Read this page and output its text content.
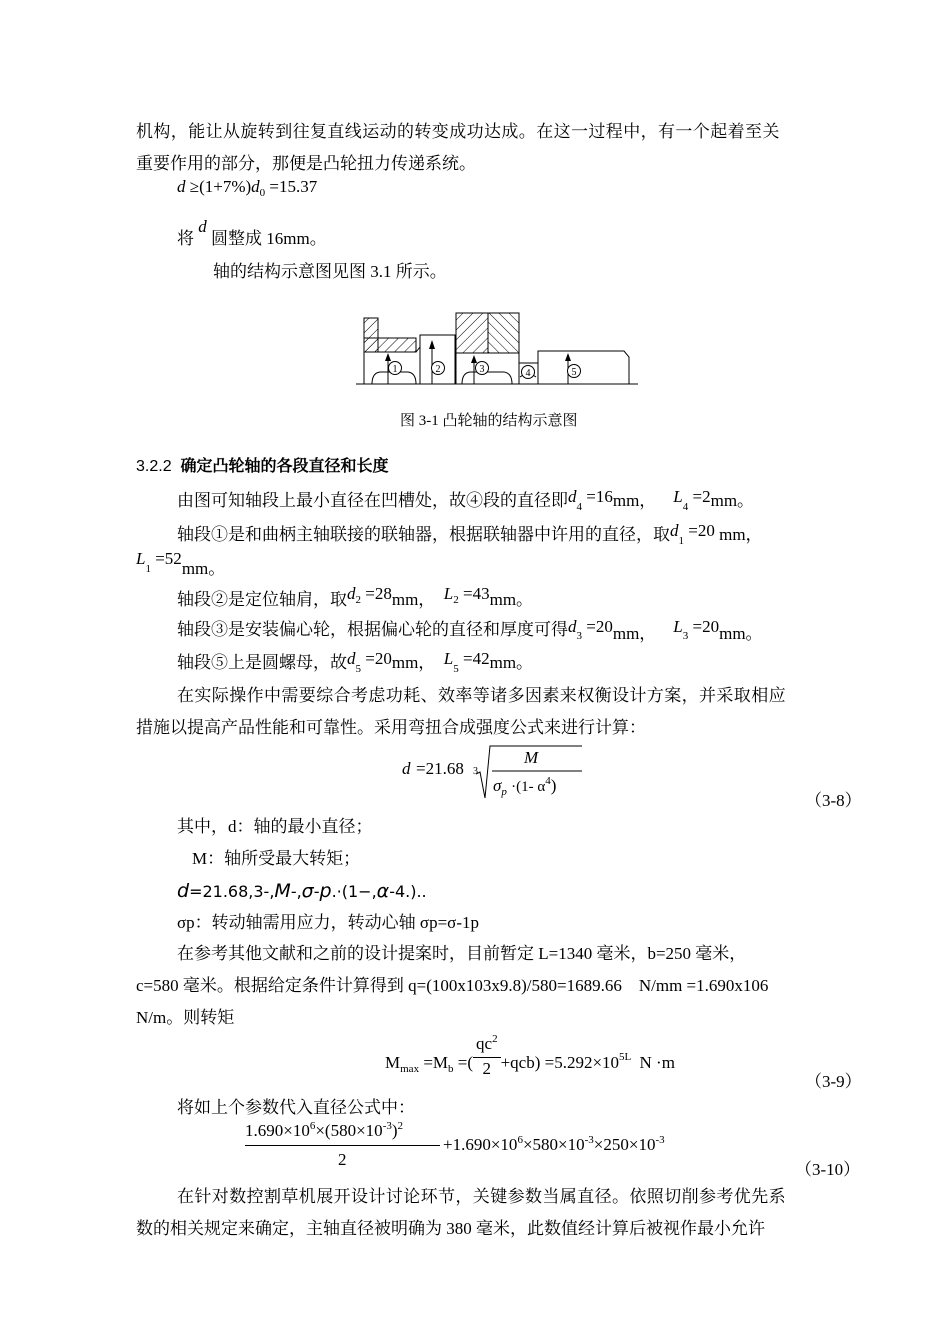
机构，能让从旋转到往复直线运动的转变成功达成。在这一过程中，有一个起着至关
重要作用的部分，那便是凸轮扭力传递系统。
$d \ge(1+7\%)d_0 =15.37$
将 d 圆整成 16mm。
轴的结构示意图见图 3.1 所示。
1	2	3	4	5
图 3-1 凸轮轴的结构示意图
3.2.2 确定凸轮轴的各段直径和长度
由图可知轴段上最小直径在凹槽处，故④段的直径即$d_4 =16mm$， $L_4 =2mm$。
轴段①是和曲柄主轴联接的联轴器，根据联轴器中许用的直径，取$d_1 =20$ mm，
$L_1 =52mm$。
轴段②是定位轴肩，取d2 =28mm， L2 =43mm。
轴段③是安装偏心轮，根据偏心轮的直径和厚度可得$d_3 =20mm$， $L_3 =20mm$。
轴段⑤上是圆螺母，故$d_5 =20mm$， $L_5 =42mm$。
在实际操作中需要综合考虑功耗、效率等诸多因素来权衡设计方案，并采取相应
措施以提高产品性能和可靠性。采用弯扭合成强度公式来进行计算：
d =21.68 3
M
$\sigma_p \cdot(1-$ $\alpha^4$)
（3-8）
其中，d：轴的最小直径；
M：轴所受最大转矩；
d=21.68,3-,M-,σ-p.·(1−,α-4.)..
σp：转动轴需用应力，转动心轴 σp=σ-1p
在参考其他文献和之前的设计提案时，目前暂定 L=1340 毫米，b=250 毫米，
c=580 毫米。根据给定条件计算得到 q=(100x103x9.8)/580=1689.66　N/mm =1.690x106
N/m。则转矩
$M_{max} =M_b$ =( $\frac{qc^2}{2} +qcb) =5.292\times 105L$ N ·m
（3-9）
将如上个参数代入直径公式中：
$1.690\times 10^6\times(580\times 10^{-3})^2$
2
$+1.690\times 10^6\times 580\times 10^{-3}\times 250\times 10^{-3}$
（3-10）
在针对数控割草机展开设计讨论环节，关键参数当属直径。依照切削参考优先系
数的相关规定来确定，主轴直径被明确为 380 毫米，此数值经计算后被视作最小允许
